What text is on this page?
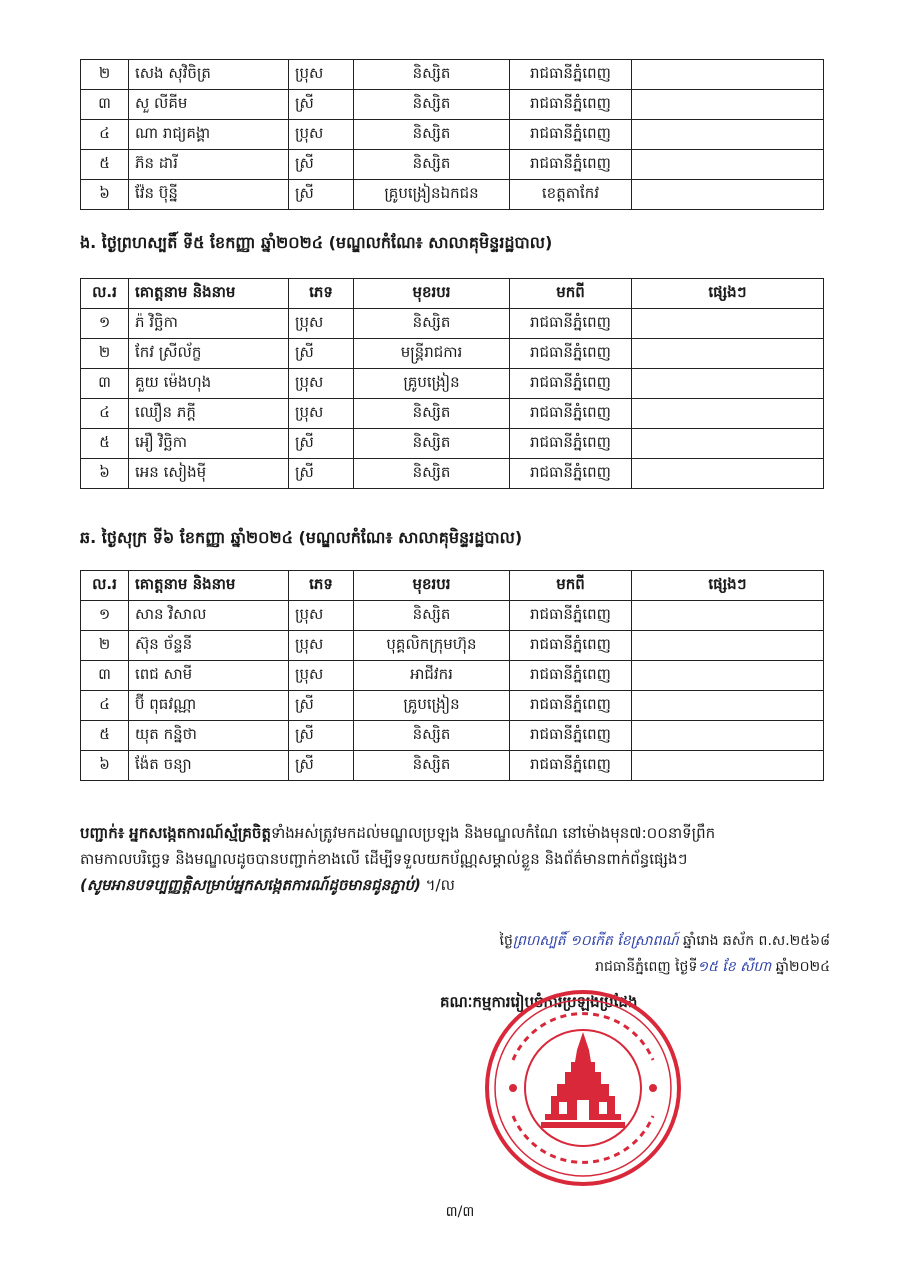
២	សេង សុវិចិត្រ	ប្រុស	និស្សិត	រាជធានីភ្នំពេញ	
៣	សួ លីគីម	ស្រី	និស្សិត	រាជធានីភ្នំពេញ	
៤	ណា រាជ្យគង្គា	ប្រុស	និស្សិត	រាជធានីភ្នំពេញ	
៥	ភ៊ន ដារី	ស្រី	និស្សិត	រាជធានីភ្នំពេញ	
៦	វ៉ែន ប៊ុន្នី	ស្រី	គ្រូបង្រៀនឯកជន	ខេត្តតាកែវ	
ង. ថ្ងៃព្រហស្បតិ៍ ទី៥ ខែកញ្ញា ឆ្នាំ២០២៤ (មណ្ឌលកំណែ៖ សាលាគុមិន្ទរដ្ឋបាល)
ល.រ	គោត្តនាម និងនាម	ភេទ	មុខរបរ	មកពី	ផ្សេងៗ
១	ភ៉ វិច្ឆិកា	ប្រុស	និស្សិត	រាជធានីភ្នំពេញ	
២	កែវ ស្រីល័ក្ខ	ស្រី	មន្ត្រីរាជការ	រាជធានីភ្នំពេញ	
៣	គួយ ម៉េងហុង	ប្រុស	គ្រូបង្រៀន	រាជធានីភ្នំពេញ	
៤	ឈឿន ភក្តី	ប្រុស	និស្សិត	រាជធានីភ្នំពេញ	
៥	អឿ វិច្ឆិកា	ស្រី	និស្សិត	រាជធានីភ្នំពេញ	
៦	អេន សៀងមុី	ស្រី	និស្សិត	រាជធានីភ្នំពេញ	
ឆ. ថ្ងៃសុក្រ ទី៦ ខែកញ្ញា ឆ្នាំ២០២៤ (មណ្ឌលកំណែ៖ សាលាគុមិន្ទរដ្ឋបាល)
ល.រ	គោត្តនាម និងនាម	ភេទ	មុខរបរ	មកពី	ផ្សេងៗ
១	សាន វិសាល	ប្រុស	និស្សិត	រាជធានីភ្នំពេញ	
២	ស៊ុន ច័ន្ទនី	ប្រុស	បុគ្គលិកក្រុមហ៊ុន	រាជធានីភ្នំពេញ	
៣	ពេជ សាមី	ប្រុស	អាជីវករ	រាជធានីភ្នំពេញ	
៤	ប៊ី ពុធវណ្ណា	ស្រី	គ្រូបង្រៀន	រាជធានីភ្នំពេញ	
៥	យុត កន្និថា	ស្រី	និស្សិត	រាជធានីភ្នំពេញ	
៦	ង៉ែត ចន្យា	ស្រី	និស្សិត	រាជធានីភ្នំពេញ	
បញ្ជាក់៖ អ្នកសង្កេតការណ៍ស្ម័គ្រចិត្តទាំងអស់ត្រូវមកដល់មណ្ឌលប្រឡង និងមណ្ឌលកំណែ នៅម៉ោងមុន៧:០០នាទីព្រឹក
តាមកាលបរិច្ឆេទ និងមណ្ឌលដូចបានបញ្ជាក់ខាងលើ ដើម្បីទទួលយកប័ណ្ណសម្គាល់ខ្លួន និងព័ត៌មានពាក់ព័ន្ធផ្សេងៗ
(សូមអានបទប្បញ្ញត្តិសម្រាប់អ្នកសង្កេតការណ៍ដូចមានជូនភ្ជាប់) ។/ល
ថ្ងៃព្រហស្បតិ៍ ១០កើត ខែស្រាពណ៍ ឆ្នាំរោង ឆស័ក ព.ស.២៥៦៨
រាជធានីភ្នំពេញ ថ្ងៃទី១៥ ខែ សីហា ឆ្នាំ២០២៤
គណៈកម្មការរៀបចំការប្រឡងប្រជែង
៣/៣
